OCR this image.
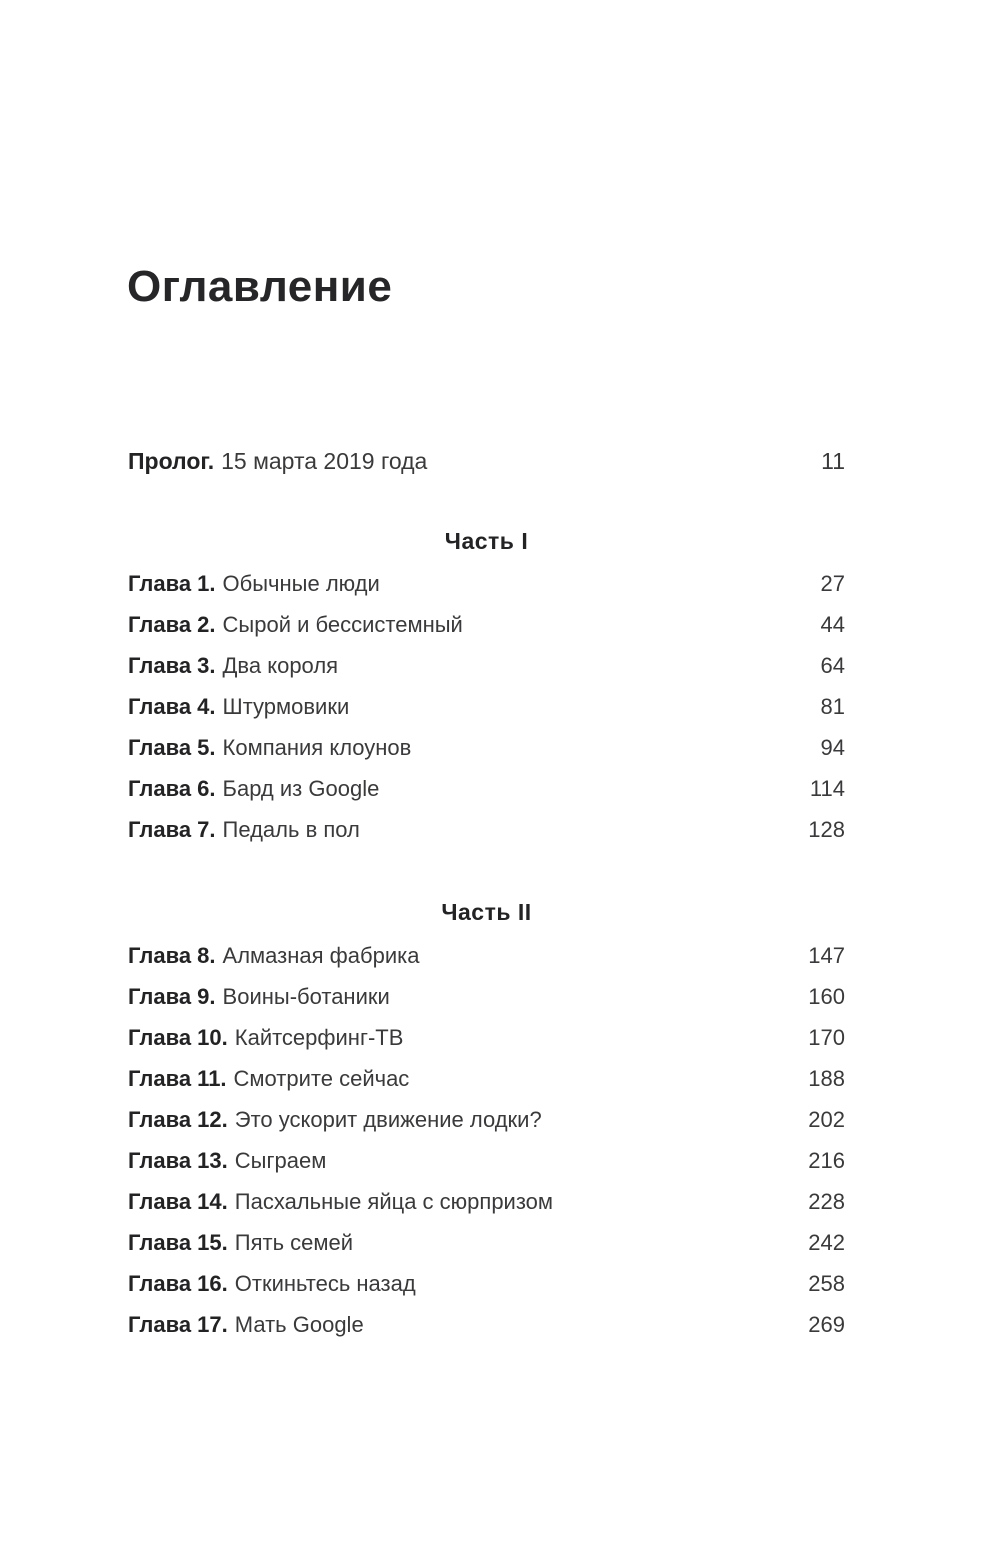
Оглавление
Пролог. 15 марта 2019 года	11
Часть I
Глава 1. Обычные люди	27
Глава 2. Сырой и бессистемный	44
Глава 3. Два короля	64
Глава 4. Штурмовики	81
Глава 5. Компания клоунов	94
Глава 6. Бард из Google	114
Глава 7. Педаль в пол	128
Часть II
Глава 8. Алмазная фабрика	147
Глава 9. Воины-ботаники	160
Глава 10. Кайтсерфинг-ТВ	170
Глава 11. Смотрите сейчас	188
Глава 12. Это ускорит движение лодки?	202
Глава 13. Сыграем	216
Глава 14. Пасхальные яйца с сюрпризом	228
Глава 15. Пять семей	242
Глава 16. Откиньтесь назад	258
Глава 17. Мать Google	269
